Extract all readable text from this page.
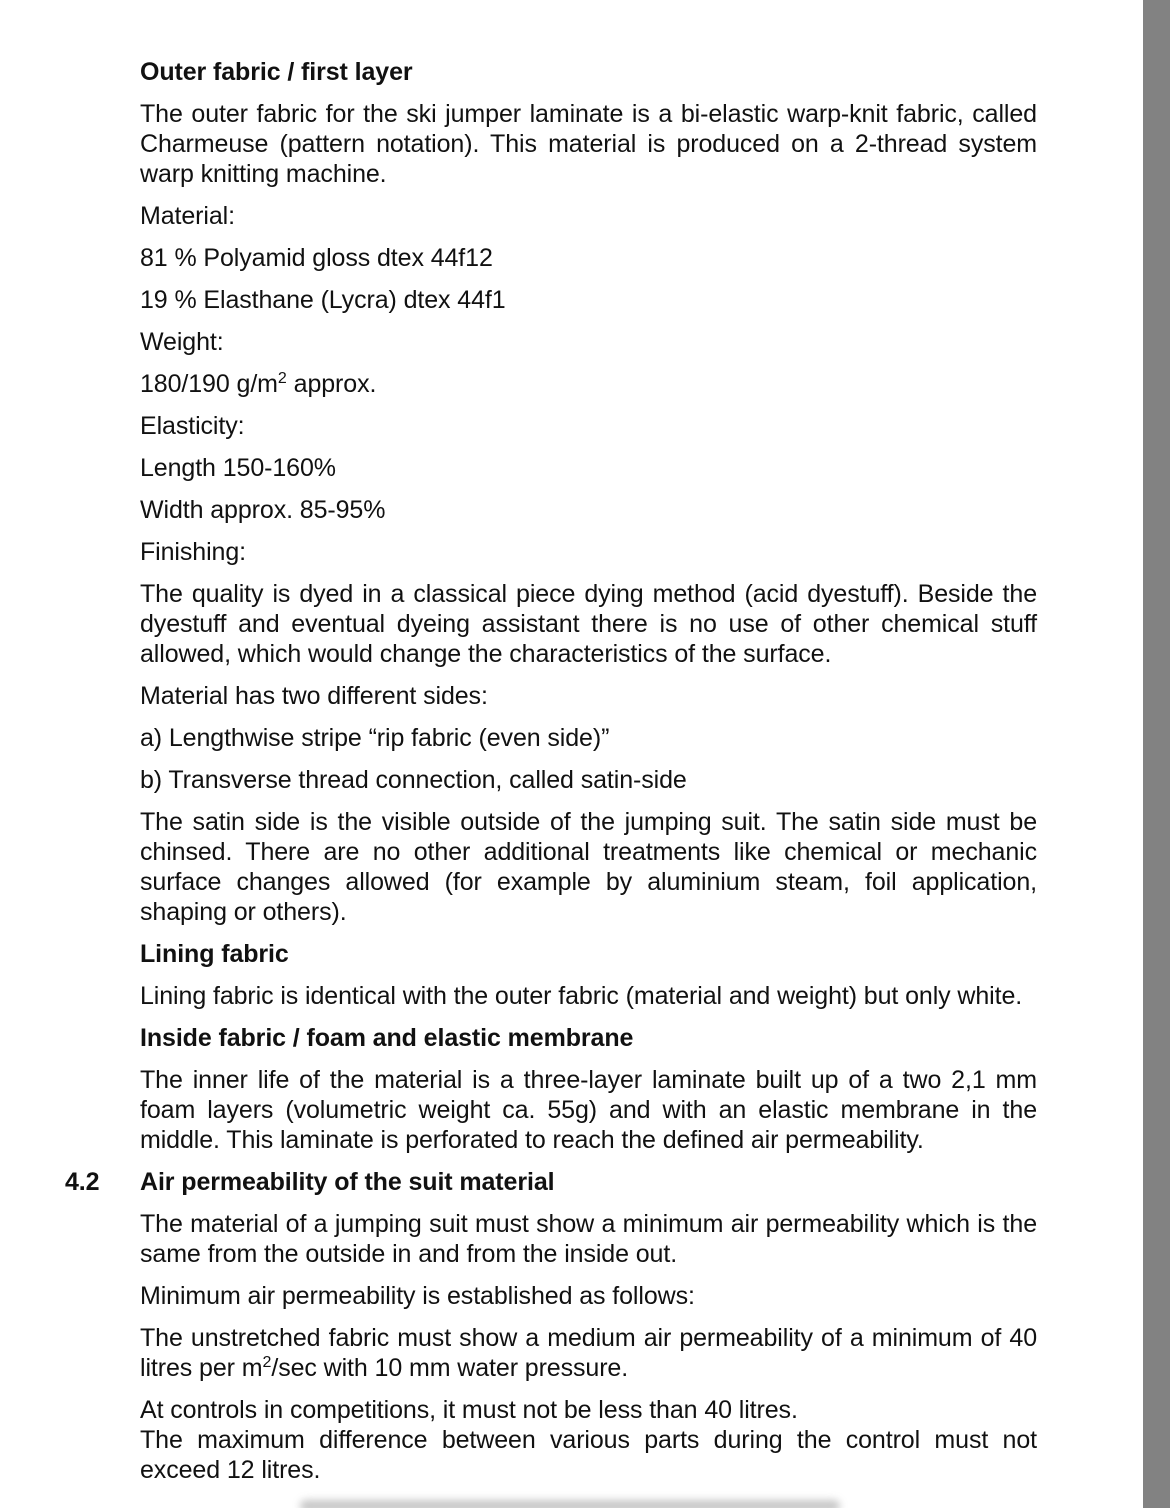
Outer fabric / first layer
The outer fabric for the ski jumper laminate is a bi-elastic warp-knit fabric, called Charmeuse (pattern notation). This material is produced on a 2-thread system warp knitting machine.
Material:
81 % Polyamid gloss dtex 44f12
19 % Elasthane (Lycra) dtex 44f1
Weight:
180/190 $g/m^2$ approx.
Elasticity:
Length 150-160%
Width approx. 85-95%
Finishing:
The quality is dyed in a classical piece dying method (acid dyestuff). Beside the dyestuff and eventual dyeing assistant there is no use of other chemical stuff allowed, which would change the characteristics of the surface.
Material has two different sides:
a) Lengthwise stripe “rip fabric (even side)”
b) Transverse thread connection, called satin-side
The satin side is the visible outside of the jumping suit. The satin side must be chinsed. There are no other additional treatments like chemical or mechanic surface changes allowed (for example by aluminium steam, foil application, shaping or others).
Lining fabric
Lining fabric is identical with the outer fabric (material and weight) but only white.
Inside fabric / foam and elastic membrane
The inner life of the material is a three-layer laminate built up of a two 2,1 mm foam layers (volumetric weight ca. 55g) and with an elastic membrane in the middle. This laminate is perforated to reach the defined air permeability.
4.2 Air permeability of the suit material
The material of a jumping suit must show a minimum air permeability which is the same from the outside in and from the inside out.
Minimum air permeability is established as follows:
The unstretched fabric must show a medium air permeability of a minimum of 40 litres per $m^2/\sec$ with 10 mm water pressure.
At controls in competitions, it must not be less than 40 litres.
The maximum difference between various parts during the control must not exceed 12 litres.
